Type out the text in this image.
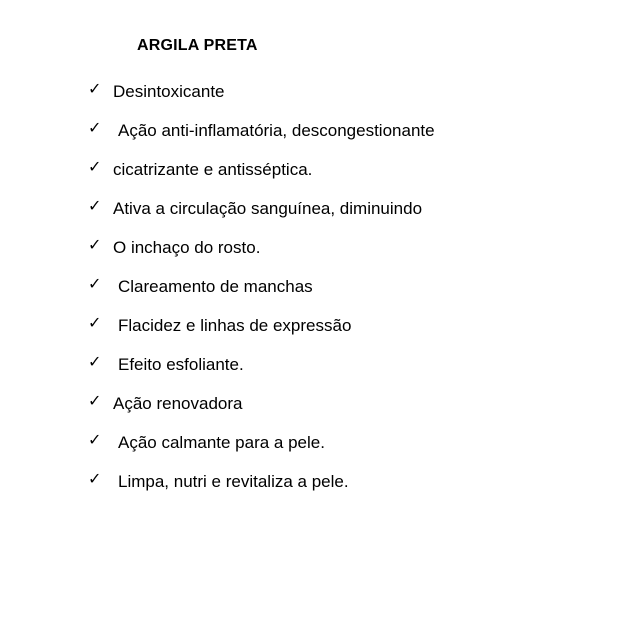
ARGILA PRETA
✓ Desintoxicante
✓ Ação anti-inflamatória, descongestionante
✓ cicatrizante e antisséptica.
✓ Ativa a circulação sanguínea, diminuindo
✓ O inchaço do rosto.
✓ Clareamento de manchas
✓ Flacidez e linhas de expressão
✓ Efeito esfoliante.
✓ Ação renovadora
✓ Ação calmante para a pele.
✓ Limpa, nutri e revitaliza a pele.
